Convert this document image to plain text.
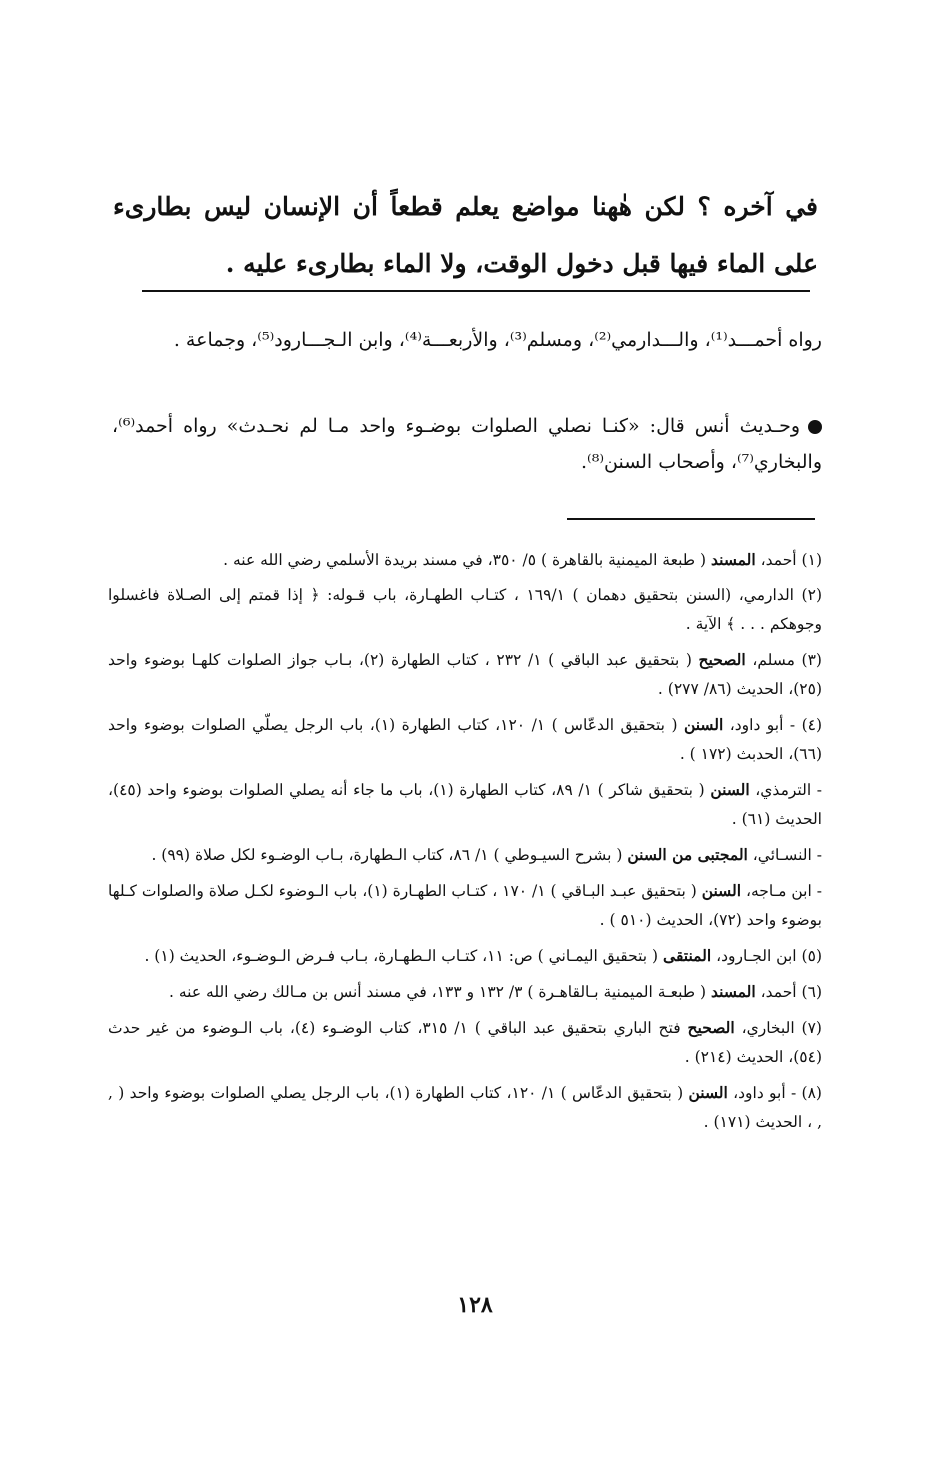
في آخره ؟ لكن هٰهنا مواضع يعلم قطعاً أن الإنسان ليس بطارىء على الماء فيها قبل دخول الوقت، ولا الماء بطارىء عليه .
رواه أحمـــد⁽¹⁾، والـــدارمي⁽²⁾، ومسلم⁽³⁾، والأربعـــة⁽⁴⁾، وابن الـجـــارود⁽⁵⁾، وجماعة .
وحـديث أنس قال: «كنـا نصلي الصلوات بوضـوء واحد مـا لم نحـدث» رواه أحمد⁽⁶⁾، والبخاري⁽⁷⁾، وأصحاب السنن⁽⁸⁾.
(١) أحمد، المسند ( طبعة الميمنية بالقاهرة ) ٥/ ٣٥٠، في مسند بريدة الأسلمي رضي الله عنه .
(٢) الدارمي، (السنن بتحقيق دهمان ) ١٦٩/١ ، كتـاب الطهـارة، باب قـوله: ﴿ إذا قمتم إلى الصـلاة فاغسلوا وجوهكم . . . ﴾ الآية .
(٣) مسلم، الصحيح ( بتحقيق عبد الباقي ) ١/ ٢٣٢ ، كتاب الطهارة (٢)، بـاب جواز الصلوات كلهـا بوضوء واحد (٢٥)، الحديث (٨٦/ ٢٧٧) .
(٤) - أبو داود، السنن ( بتحقيق الدعّاس ) ١/ ١٢٠، كتاب الطهارة (١)، باب الرجل يصلّي الصلوات بوضوء واحد (٦٦)، الحدبث (١٧٢ ) .
- الترمذي، السنن ( بتحقيق شاكر ) ١/ ٨٩، كتاب الطهارة (١)، باب ما جاء أنه يصلي الصلوات بوضوء واحد (٤٥)، الحديث (٦١) .
- النسـائي، المجتبى من السنن ( بشرح السيـوطي ) ١/ ٨٦، كتاب الـطهارة، بـاب الوضـوء لكل صلاة (٩٩) .
- ابن مـاجه، السنن ( بتحقيق عبـد البـاقي ) ١/ ١٧٠ ، كتـاب الطهـارة (١)، باب الـوضوء لكـل صلاة والصلوات كـلها بوضوء واحد (٧٢)، الحديث (٥١٠ ) .
(٥) ابن الجـارود، المنتقى ( بتحقيق اليمـاني ) ص: ١١، كتـاب الـطهـارة، بـاب فـرض الـوضـوء، الحديث (١) .
(٦) أحمد، المسند ( طبعـة الميمنية بـالقاهـرة ) ٣/ ١٣٢ و ١٣٣، في مسند أنس بن مـالك رضي الله عنه .
(٧) البخاري، الصحيح فتح الباري بتحقيق عبد الباقي ) ١/ ٣١٥، كتاب الوضـوء (٤)، باب الـوضوء من غير حدث (٥٤)، الحديث (٢١٤) .
(٨) - أبو داود، السنن ( بتحقيق الدعّاس ) ١/ ١٢٠، كتاب الطهارة (١)، باب الرجل يصلي الصلوات بوضوء واحد ( , , ، الحديث (١٧١) .
١٢٨
